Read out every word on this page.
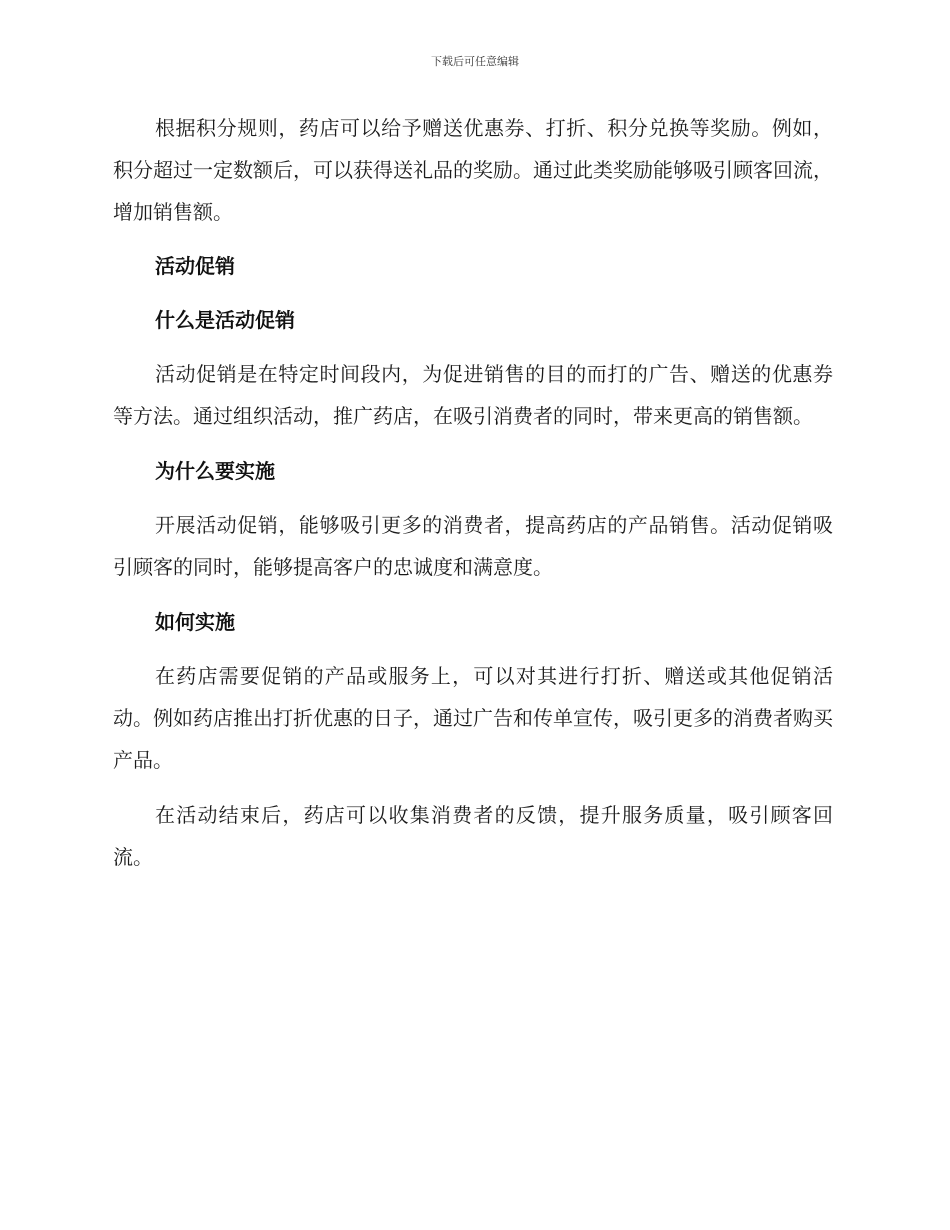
下载后可任意编辑

根据积分规则，药店可以给予赠送优惠券、打折、积分兑换等奖励。例如，积分超过一定数额后，可以获得送礼品的奖励。通过此类奖励能够吸引顾客回流，增加销售额。

活动促销

什么是活动促销

活动促销是在特定时间段内，为促进销售的目的而打的广告、赠送的优惠券等方法。通过组织活动，推广药店，在吸引消费者的同时，带来更高的销售额。

为什么要实施

开展活动促销，能够吸引更多的消费者，提高药店的产品销售。活动促销吸引顾客的同时，能够提高客户的忠诚度和满意度。

如何实施

在药店需要促销的产品或服务上，可以对其进行打折、赠送或其他促销活动。例如药店推出打折优惠的日子，通过广告和传单宣传，吸引更多的消费者购买产品。

在活动结束后，药店可以收集消费者的反馈，提升服务质量，吸引顾客回流。
